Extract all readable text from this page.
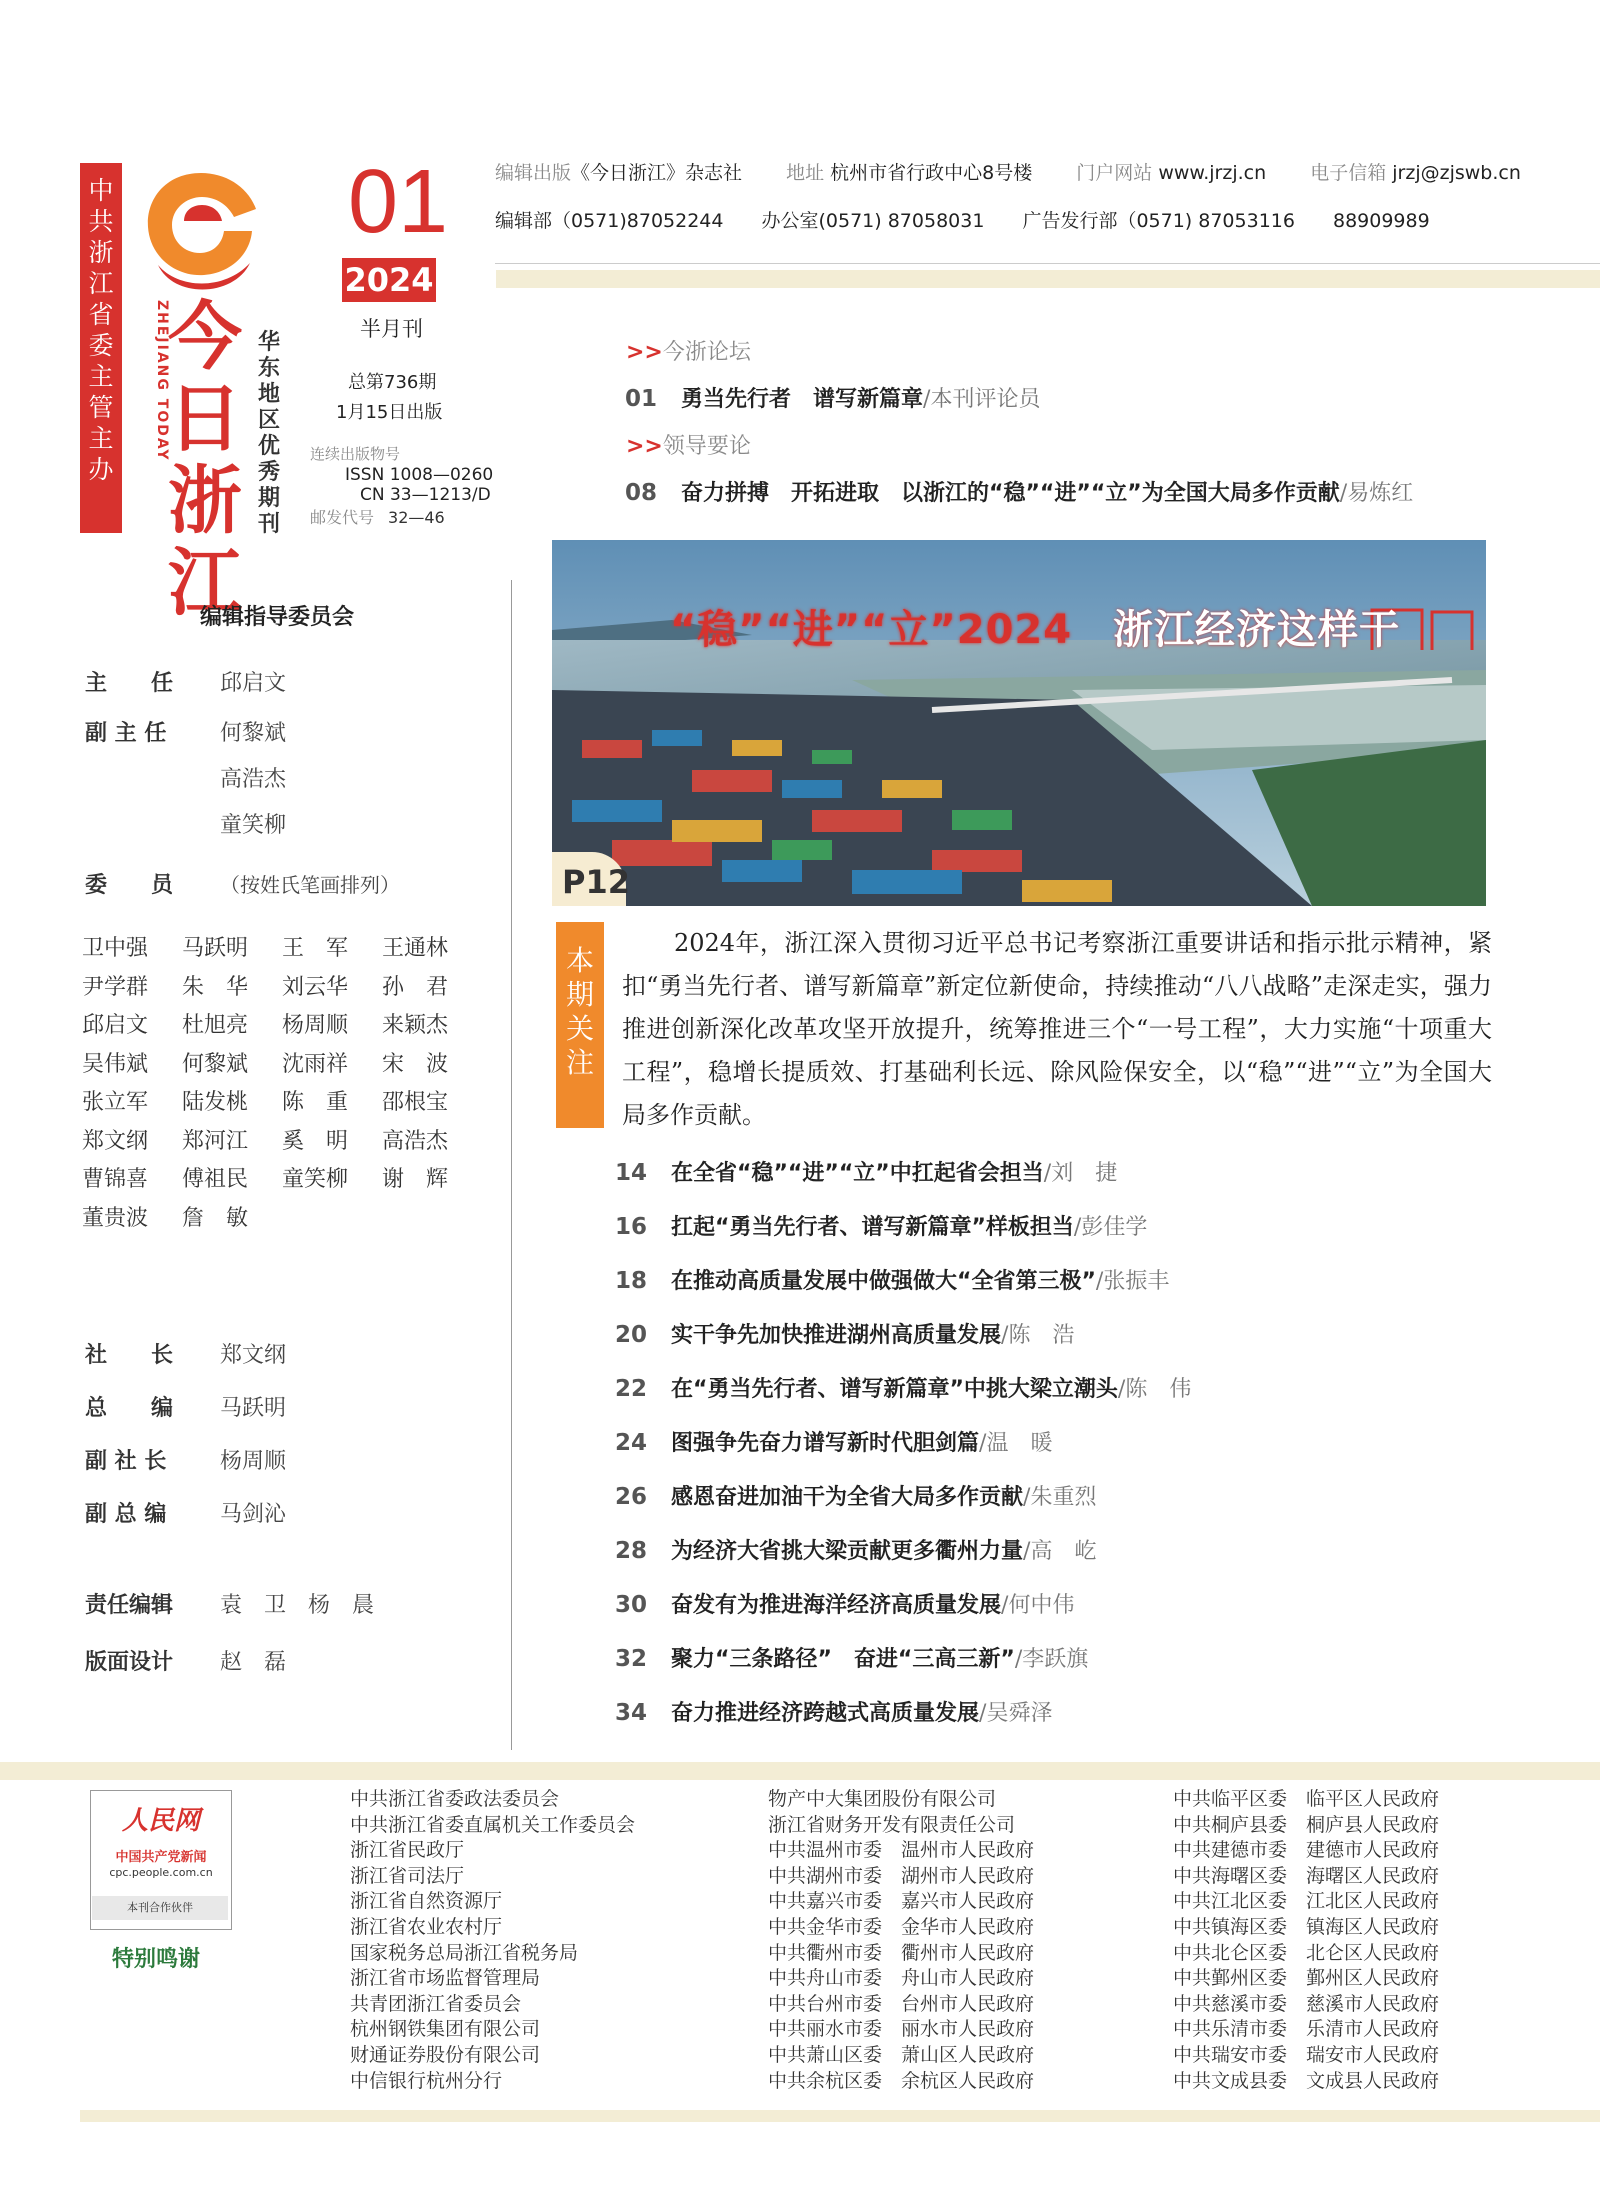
中共浙江省委主管主办
ZHEJIANG TODAY
今日浙江
华东地区优秀期刊
01
2024
半月刊
总第736期
1月15日出版
连续出版物号
ISSN 1008—0260
CN 33—1213/D
邮发代号 32—46
编辑出版《今日浙江》杂志社　　 地址 杭州市省行政中心8号楼　　 门户网站 www.jrzj.cn　　 电子信箱 jrzj@zjswb.cn
编辑部（0571)87052244　　 办公室(0571) 87058031　　 广告发行部（0571) 87053116　　 88909989
>>今浙论坛
01 勇当先行者　谱写新篇章/本刊评论员
>>领导要论
08 奋力拼搏　开拓进取　以浙江的“稳”“进”“立”为全国大局多作贡献/易炼红
“稳”“进”“立”2024　 浙江经济这样干
P12
本期关注
2024年，浙江深入贯彻习近平总书记考察浙江重要讲话和指示批示精神，紧扣“勇当先行者、谱写新篇章”新定位新使命，持续推动“八八战略”走深走实，强力推进创新深化改革攻坚开放提升，统筹推进三个“一号工程”，大力实施“十项重大工程”，稳增长提质效、打基础利长远、除风险保安全，以“稳”“进”“立”为全国大局多作贡献。
14 在全省“稳”“进”“立”中扛起省会担当/刘　捷
16 扛起“勇当先行者、谱写新篇章”样板担当/彭佳学
18 在推动高质量发展中做强做大“全省第三极”/张振丰
20 实干争先加快推进湖州高质量发展/陈　浩
22 在“勇当先行者、谱写新篇章”中挑大梁立潮头/陈　伟
24 图强争先奋力谱写新时代胆剑篇/温　暖
26 感恩奋进加油干为全省大局多作贡献/朱重烈
28 为经济大省挑大梁贡献更多衢州力量/高　屹
30 奋发有为推进海洋经济高质量发展/何中伟
32 聚力“三条路径”　奋进“三高三新”/李跃旗
34 奋力推进经济跨越式高质量发展/吴舜泽
编辑指导委员会
主　　任 邱启文
副 主 任 何黎斌
高浩杰
童笑柳
委　　员 （按姓氏笔画排列）
卫中强 马跃明 王　军 王通林尹学群 朱　华 刘云华 孙　君邱启文 杜旭亮 杨周顺 来颖杰吴伟斌 何黎斌 沈雨祥 宋　波张立军 陆发桃 陈　重 邵根宝郑文纲 郑河江 奚　明 高浩杰曹锦喜 傅祖民 童笑柳 谢　辉董贵波 詹　敏
社　　长 郑文纲
总　　编 马跃明
副 社 长 杨周顺
副 总 编 马剑沁
责任编辑 袁　卫　杨　晨
版面设计 赵　磊
人民网
中国共产党新闻
cpc.people.com.cn
本刊合作伙伴
特别鸣谢
中共浙江省委政法委员会
中共浙江省委直属机关工作委员会
浙江省民政厅
浙江省司法厅
浙江省自然资源厅
浙江省农业农村厅
国家税务总局浙江省税务局
浙江省市场监督管理局
共青团浙江省委员会
杭州钢铁集团有限公司
财通证券股份有限公司
中信银行杭州分行
物产中大集团股份有限公司
浙江省财务开发有限责任公司
中共温州市委　温州市人民政府
中共湖州市委　湖州市人民政府
中共嘉兴市委　嘉兴市人民政府
中共金华市委　金华市人民政府
中共衢州市委　衢州市人民政府
中共舟山市委　舟山市人民政府
中共台州市委　台州市人民政府
中共丽水市委　丽水市人民政府
中共萧山区委　萧山区人民政府
中共余杭区委　余杭区人民政府
中共临平区委　临平区人民政府
中共桐庐县委　桐庐县人民政府
中共建德市委　建德市人民政府
中共海曙区委　海曙区人民政府
中共江北区委　江北区人民政府
中共镇海区委　镇海区人民政府
中共北仑区委　北仑区人民政府
中共鄞州区委　鄞州区人民政府
中共慈溪市委　慈溪市人民政府
中共乐清市委　乐清市人民政府
中共瑞安市委　瑞安市人民政府
中共文成县委　文成县人民政府
